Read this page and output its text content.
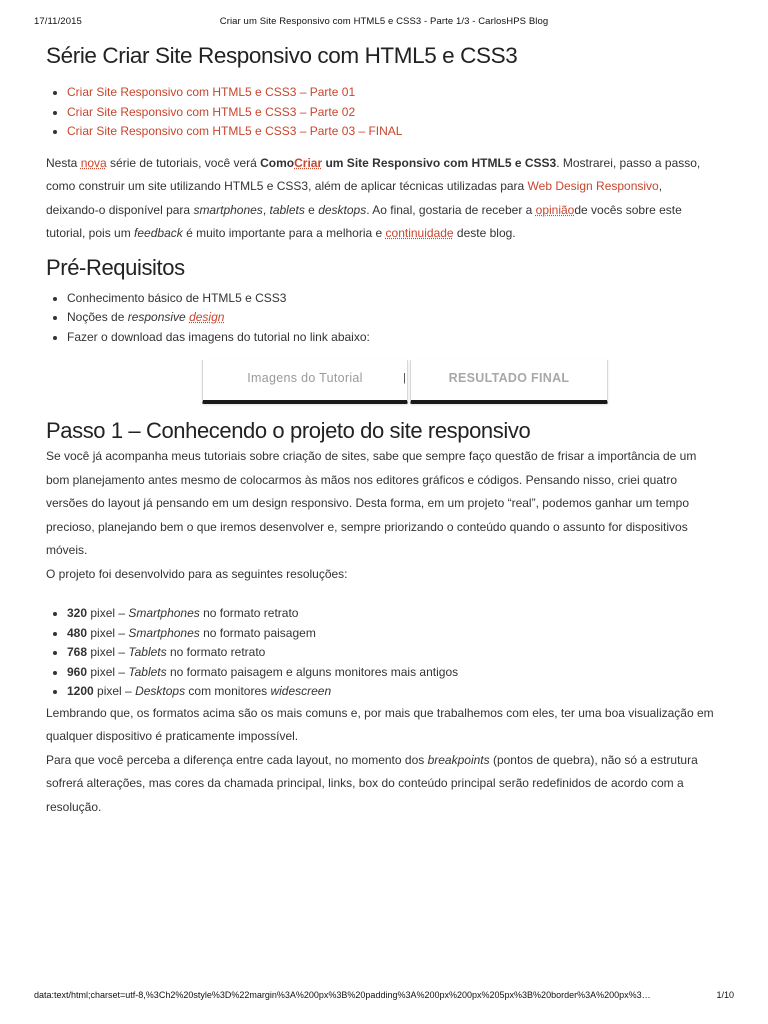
17/11/2015	Criar um Site Responsivo com HTML5 e CSS3 - Parte 1/3 - CarlosHPS Blog
Série Criar Site Responsivo com HTML5 e CSS3
• Criar Site Responsivo com HTML5 e CSS3 – Parte 01
• Criar Site Responsivo com HTML5 e CSS3 – Parte 02
• Criar Site Responsivo com HTML5 e CSS3 – Parte 03 – FINAL

Nesta nova série de tutoriais, você verá ComoCriar um Site Responsivo com HTML5 e CSS3. Mostrarei, passo a passo, como construir um site utilizando HTML5 e CSS3, além de aplicar técnicas utilizadas para Web Design Responsivo, deixando-o disponível para smartphones, tablets e desktops. Ao final, gostaria de receber a opiniãode vocês sobre este tutorial, pois um feedback é muito importante para a melhoria e continuidade deste blog.

Pré-Requisitos
• Conhecimento básico de HTML5 e CSS3
• Noções de responsive design
• Fazer o download das imagens do tutorial no link abaixo:
Imagens do Tutorial	|	RESULTADO FINAL
Passo 1 – Conhecendo o projeto do site responsivo

Se você já acompanha meus tutoriais sobre criação de sites, sabe que sempre faço questão de frisar a importância de um bom planejamento antes mesmo de colocarmos às mãos nos editores gráficos e códigos. Pensando nisso, criei quatro versões do layout já pensando em um design responsivo. Desta forma, em um projeto “real”, podemos ganhar um tempo precioso, planejando bem o que iremos desenvolver e, sempre priorizando o conteúdo quando o assunto for dispositivos móveis.

O projeto foi desenvolvido para as seguintes resoluções:

• 320 pixel – Smartphones no formato retrato
• 480 pixel – Smartphones no formato paisagem
• 768 pixel – Tablets no formato retrato
• 960 pixel – Tablets no formato paisagem e alguns monitores mais antigos
• 1200 pixel – Desktops com monitores widescreen

Lembrando que, os formatos acima são os mais comuns e, por mais que trabalhemos com eles, ter uma boa visualização em qualquer dispositivo é praticamente impossível.

Para que você perceba a diferença entre cada layout, no momento dos breakpoints (pontos de quebra), não só a estrutura sofrerá alterações, mas cores da chamada principal, links, box do conteúdo principal serão redefinidos de acordo com a resolução.

data:text/html;charset=utf-8,%3Ch2%20style%3D%22margin%3A%200px%3B%20padding%3A%200px%200px%205px%3B%20border%3A%200px%3…	1/10
